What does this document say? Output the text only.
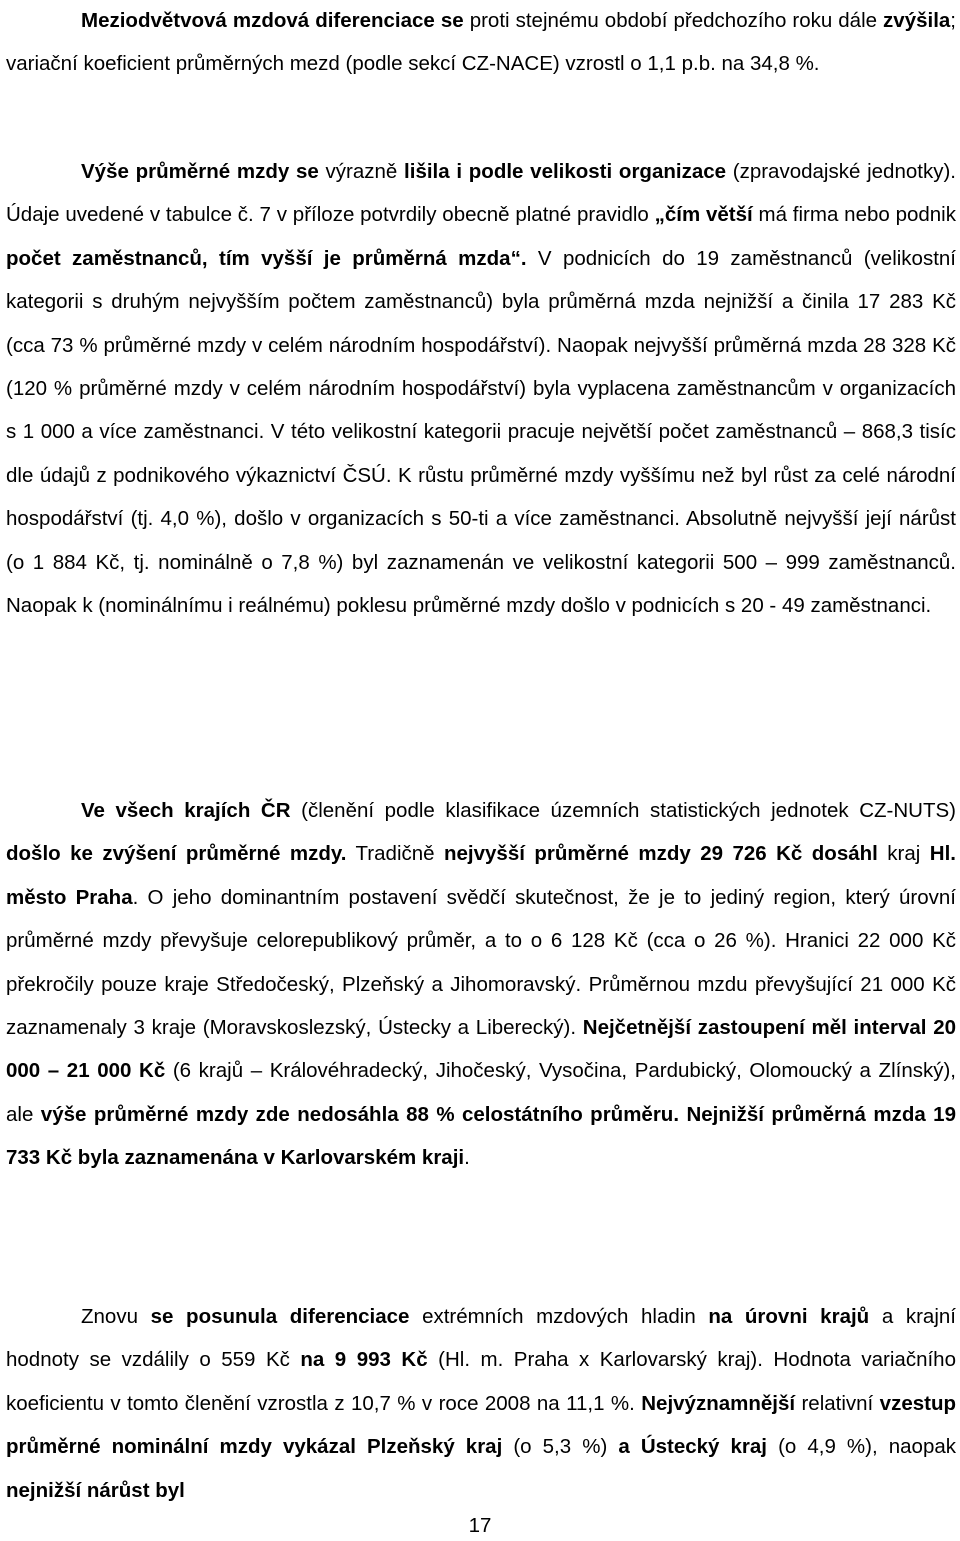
Meziodvětvová mzdová diferenciace se proti stejnému období předchozího roku dále zvýšila; variační koeficient průměrných mezd (podle sekcí CZ-NACE) vzrostl o 1,1 p.b. na 34,8 %.

Výše průměrné mzdy se výrazně lišila i podle velikosti organizace (zpravodajské jednotky). Údaje uvedené v tabulce č. 7 v příloze potvrdily obecně platné pravidlo „čím větší má firma nebo podnik počet zaměstnanců, tím vyšší je průměrná mzda“. V podnicích do 19 zaměstnanců (velikostní kategorii s druhým nejvyšším počtem zaměstnanců) byla průměrná mzda nejnižší a činila 17 283 Kč (cca 73 % průměrné mzdy v celém národním hospodářství). Naopak nejvyšší průměrná mzda 28 328 Kč (120 % průměrné mzdy v celém národním hospodářství) byla vyplacena zaměstnancům v organizacích s 1 000 a více zaměstnanci. V této velikostní kategorii pracuje největší počet zaměstnanců – 868,3 tisíc dle údajů z podnikového výkaznictví ČSÚ. K růstu průměrné mzdy vyššímu než byl růst za celé národní hospodářství (tj. 4,0 %), došlo v organizacích s 50-ti a více zaměstnanci. Absolutně nejvyšší její nárůst (o 1 884 Kč, tj. nominálně o 7,8 %) byl zaznamenán ve velikostní kategorii 500 – 999 zaměstnanců. Naopak k (nominálnímu i reálnému) poklesu průměrné mzdy došlo v podnicích s 20 - 49 zaměstnanci.

Ve všech krajích ČR (členění podle klasifikace územních statistických jednotek CZ-NUTS) došlo ke zvýšení průměrné mzdy. Tradičně nejvyšší průměrné mzdy 29 726 Kč dosáhl kraj Hl. město Praha. O jeho dominantním postavení svědčí skutečnost, že je to jediný region, který úrovní průměrné mzdy převyšuje celorepublikový průměr, a to o 6 128 Kč (cca o 26 %). Hranici 22 000 Kč překročily pouze kraje Středočeský, Plzeňský a Jihomoravský. Průměrnou mzdu převyšující 21 000 Kč zaznamenaly 3 kraje (Moravskoslezský, Ústecky a Liberecký). Nejčetnější zastoupení měl interval 20 000 – 21 000 Kč (6 krajů – Královéhradecký, Jihočeský, Vysočina, Pardubický, Olomoucký a Zlínský), ale výše průměrné mzdy zde nedosáhla 88 % celostátního průměru. Nejnižší průměrná mzda 19 733 Kč byla zaznamenána v Karlovarském kraji.

Znovu se posunula diferenciace extrémních mzdových hladin na úrovni krajů a krajní hodnoty se vzdálily o 559 Kč na 9 993 Kč (Hl. m. Praha x Karlovarský kraj). Hodnota variačního koeficientu v tomto členění vzrostla z 10,7 % v roce 2008 na 11,1 %. Nejvýznamnější relativní vzestup průměrné nominální mzdy vykázal Plzeňský kraj (o 5,3 %) a Ústecký kraj (o 4,9 %), naopak nejnižší nárůst byl

17
